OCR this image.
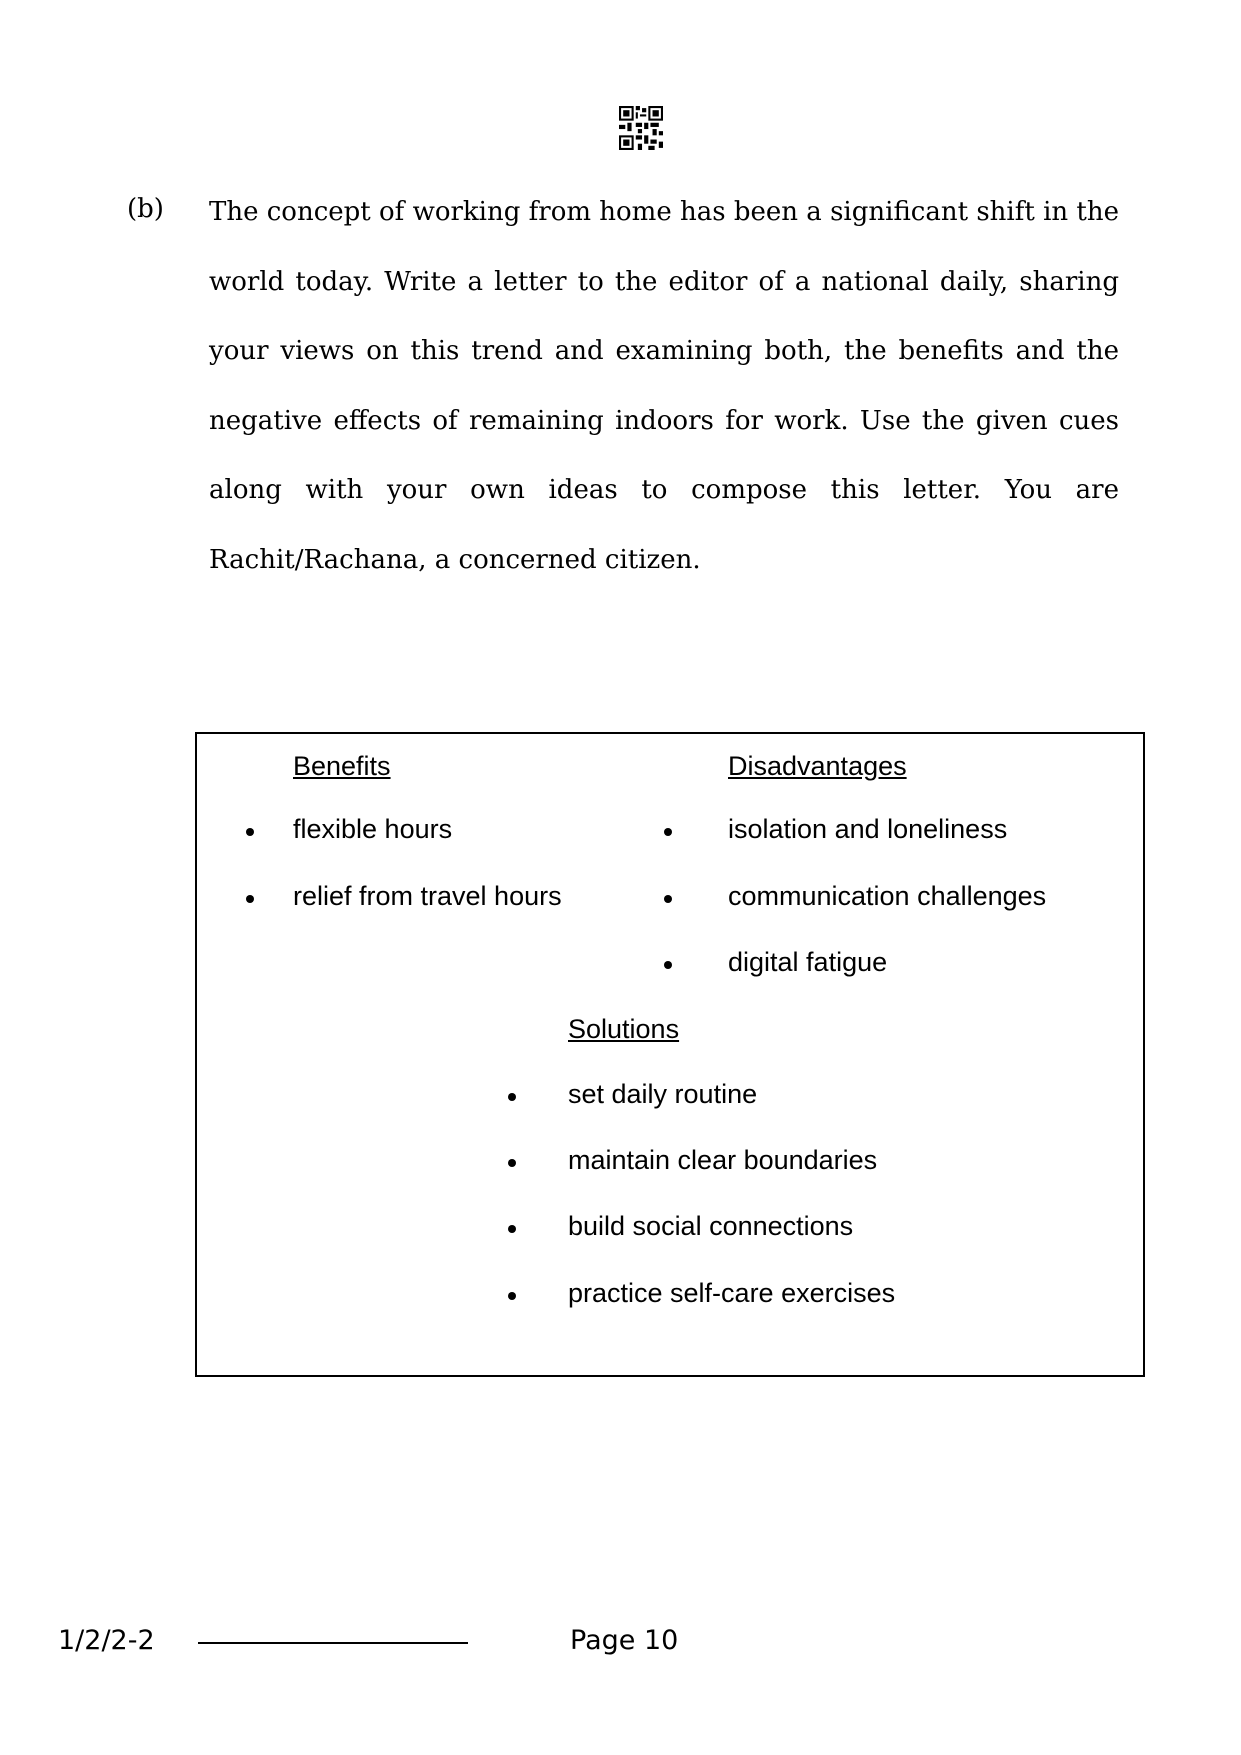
(b) The concept of working from home has been a significant shift in the world today. Write a letter to the editor of a national daily, sharing your views on this trend and examining both, the benefits and the negative effects of remaining indoors for work. Use the given cues along with your own ideas to compose this letter. You are Rachit/Rachana, a concerned citizen.

Benefits	Disadvantages
flexible hours
relief from travel hours
isolation and loneliness
communication challenges
digital fatigue
Solutions
set daily routine
maintain clear boundaries
build social connections
practice self-care exercises
1/2/2-2	Page 10
